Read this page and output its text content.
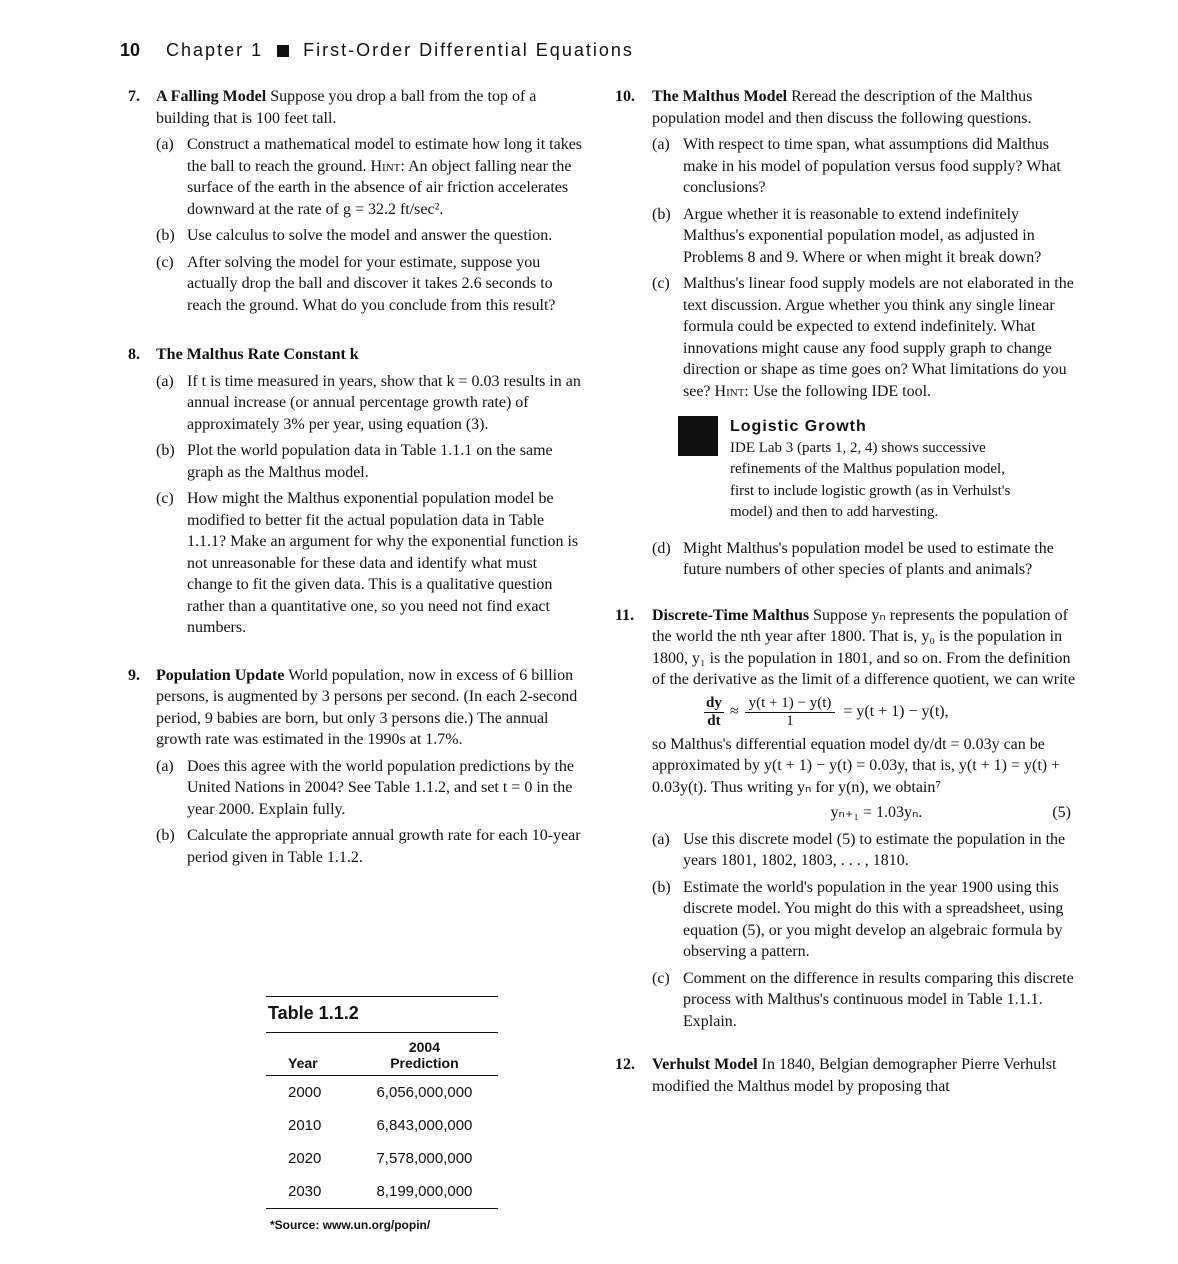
10 Chapter 1 First-Order Differential Equations
7. A Falling Model Suppose you drop a ball from the top of a building that is 100 feet tall.
(a) Construct a mathematical model to estimate how long it takes the ball to reach the ground. Hint: An object falling near the surface of the earth in the absence of air friction accelerates downward at the rate of g = 32.2 ft/sec².
(b) Use calculus to solve the model and answer the question.
(c) After solving the model for your estimate, suppose you actually drop the ball and discover it takes 2.6 seconds to reach the ground. What do you conclude from this result?
8. The Malthus Rate Constant k
(a) If t is time measured in years, show that k = 0.03 results in an annual increase (or annual percentage growth rate) of approximately 3% per year, using equation (3).
(b) Plot the world population data in Table 1.1.1 on the same graph as the Malthus model.
(c) How might the Malthus exponential population model be modified to better fit the actual population data in Table 1.1.1? Make an argument for why the exponential function is not unreasonable for these data and identify what must change to fit the given data. This is a qualitative question rather than a quantitative one, so you need not find exact numbers.
9. Population Update World population, now in excess of 6 billion persons, is augmented by 3 persons per second. (In each 2-second period, 9 babies are born, but only 3 persons die.) The annual growth rate was estimated in the 1990s at 1.7%.
(a) Does this agree with the world population predictions by the United Nations in 2004? See Table 1.1.2, and set t = 0 in the year 2000. Explain fully.
(b) Calculate the appropriate annual growth rate for each 10-year period given in Table 1.1.2.
Table 1.1.2	
Year	2004
Prediction
2000	6,056,000,000
2010	6,843,000,000
2020	7,578,000,000
2030	8,199,000,000
*Source: www.un.org/popin/
10. The Malthus Model Reread the description of the Malthus population model and then discuss the following questions.
(a) With respect to time span, what assumptions did Malthus make in his model of population versus food supply? What conclusions?
(b) Argue whether it is reasonable to extend indefinitely Malthus's exponential population model, as adjusted in Problems 8 and 9. Where or when might it break down?
(c) Malthus's linear food supply models are not elaborated in the text discussion. Argue whether you think any single linear formula could be expected to extend indefinitely. What innovations might cause any food supply graph to change direction or shape as time goes on? What limitations do you see? Hint: Use the following IDE tool.
Logistic Growth
IDE Lab 3 (parts 1, 2, 4) shows successive refinements of the Malthus population model, first to include logistic growth (as in Verhulst's model) and then to add harvesting.
(d) Might Malthus's population model be used to estimate the future numbers of other species of plants and animals?
11. Discrete-Time Malthus Suppose yₙ represents the population of the world the nth year after 1800. That is, y₀ is the population in 1800, y₁ is the population in 1801, and so on. From the definition of the derivative as the limit of a difference quotient, we can write
$\frac{dy}{dt} \approx \frac{y(t + 1) - y(t)}{1} = y(t + 1) - y(t)$,
so Malthus's differential equation model dy/dt = 0.03y can be approximated by y(t + 1) − y(t) = 0.03y, that is, y(t + 1) = y(t) + 0.03y(t). Thus writing yₙ for y(n), we obtain⁷
yₙ₊₁ = 1.03yₙ.	(5)
(a) Use this discrete model (5) to estimate the population in the years 1801, 1802, 1803, . . . , 1810.
(b) Estimate the world's population in the year 1900 using this discrete model. You might do this with a spreadsheet, using equation (5), or you might develop an algebraic formula by observing a pattern.
(c) Comment on the difference in results comparing this discrete process with Malthus's continuous model in Table 1.1.1. Explain.
12. Verhulst Model In 1840, Belgian demographer Pierre Verhulst modified the Malthus model by proposing that
